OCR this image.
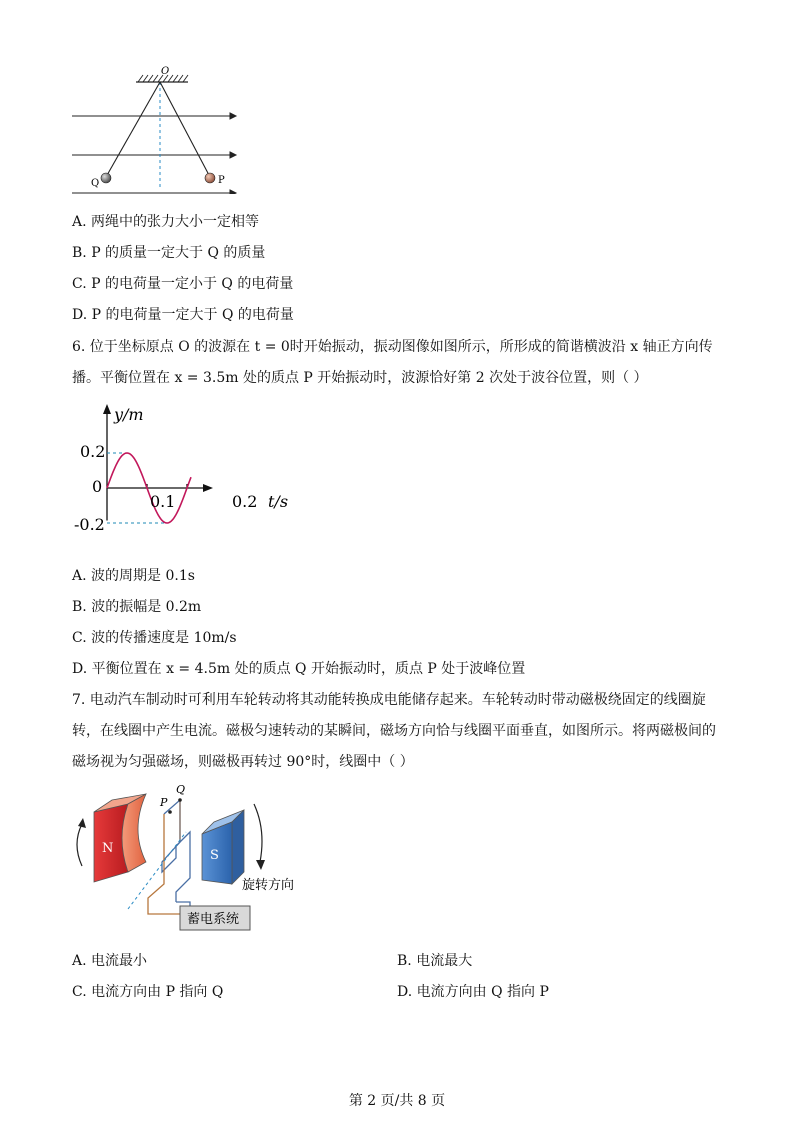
O
Q	P
A. 两绳中的张力大小一定相等
B. P 的质量一定大于 Q 的质量
C. P 的电荷量一定小于 Q 的电荷量
D. P 的电荷量一定大于 Q 的电荷量
6. 位于坐标原点 O 的波源在 t = 0时开始振动，振动图像如图所示，所形成的简谐横波沿 x 轴正方向传
播。平衡位置在 x = 3.5m 处的质点 P 开始振动时，波源恰好第 2 次处于波谷位置，则（ ）
y/m
t/s
0.2
0
-0.2
0.1	0.2
A. 波的周期是 0.1s
B. 波的振幅是 0.2m
C. 波的传播速度是 10m/s
D. 平衡位置在 x = 4.5m 处的质点 Q 开始振动时，质点 P 处于波峰位置
7. 电动汽车制动时可利用车轮转动将其动能转换成电能储存起来。车轮转动时带动磁极绕固定的线圈旋
转，在线圈中产生电流。磁极匀速转动的某瞬间，磁场方向恰与线圈平面垂直，如图所示。将两磁极间的
磁场视为匀强磁场，则磁极再转过 90°时，线圈中（ ）
N
P
Q
S
旋转方向
蓄电系统
A. 电流最小	B. 电流最大
C. 电流方向由 P 指向 Q	D. 电流方向由 Q 指向 P
第 2 页/共 8 页
